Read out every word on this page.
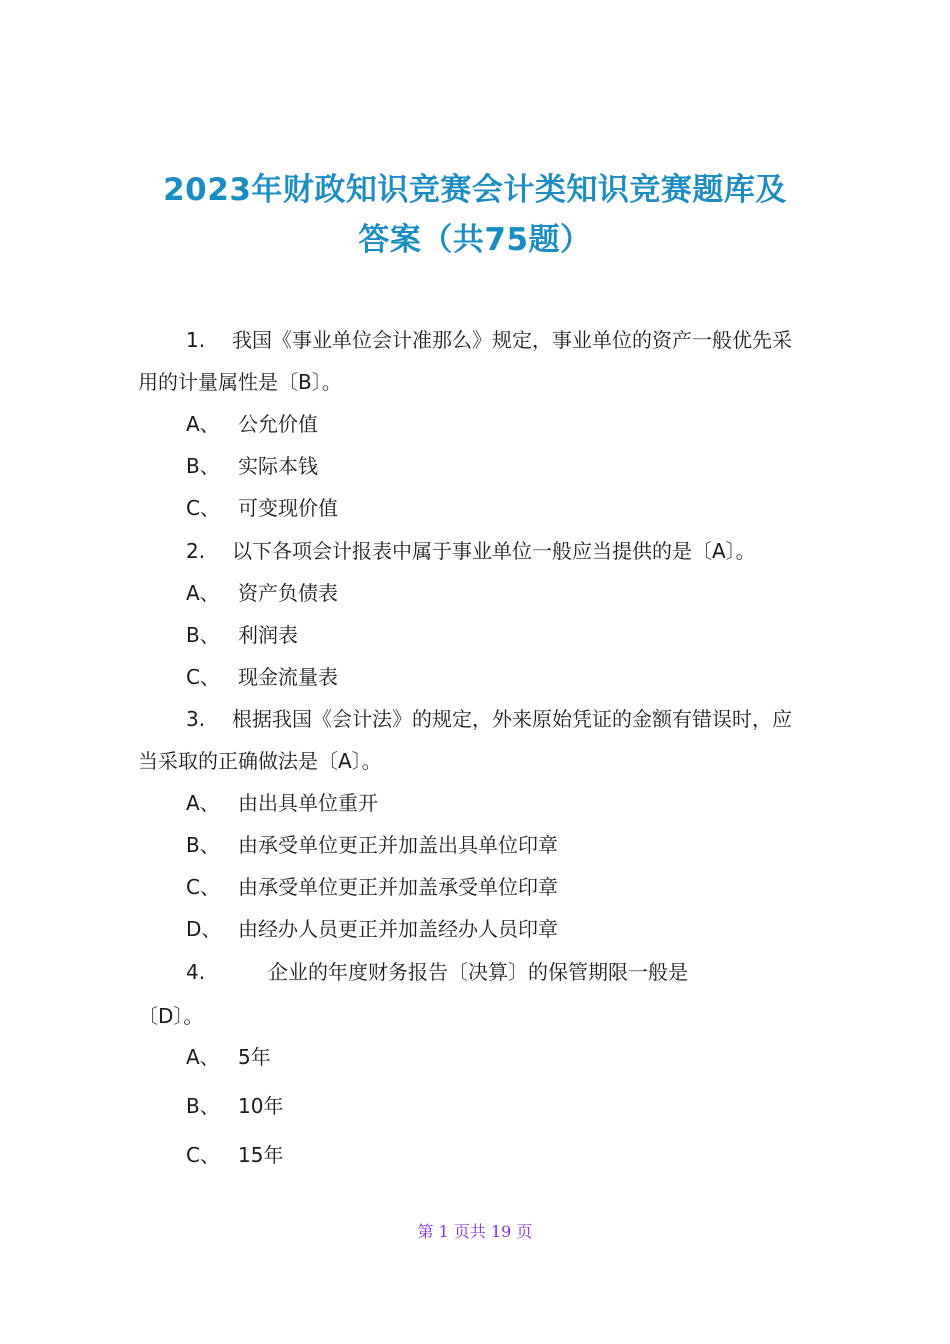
2023年财政知识竞赛会计类知识竞赛题库及
答案（共75题）
1. 我国《事业单位会计准那么》规定，事业单位的资产一般优先采
用的计量属性是〔B〕。
A、 公允价值
B、 实际本钱
C、 可变现价值
2. 以下各项会计报表中属于事业单位一般应当提供的是〔A〕。
A、 资产负债表
B、 利润表
C、 现金流量表
3. 根据我国《会计法》的规定，外来原始凭证的金额有错误时，应
当采取的正确做法是〔A〕。
A、 由出具单位重开
B、 由承受单位更正并加盖出具单位印章
C、 由承受单位更正并加盖承受单位印章
D、 由经办人员更正并加盖经办人员印章
4.	企业的年度财务报告〔决算〕的保管期限一般是
〔D〕。
A、 5年
B、 10年
C、 15年
第 1 页共 19 页
